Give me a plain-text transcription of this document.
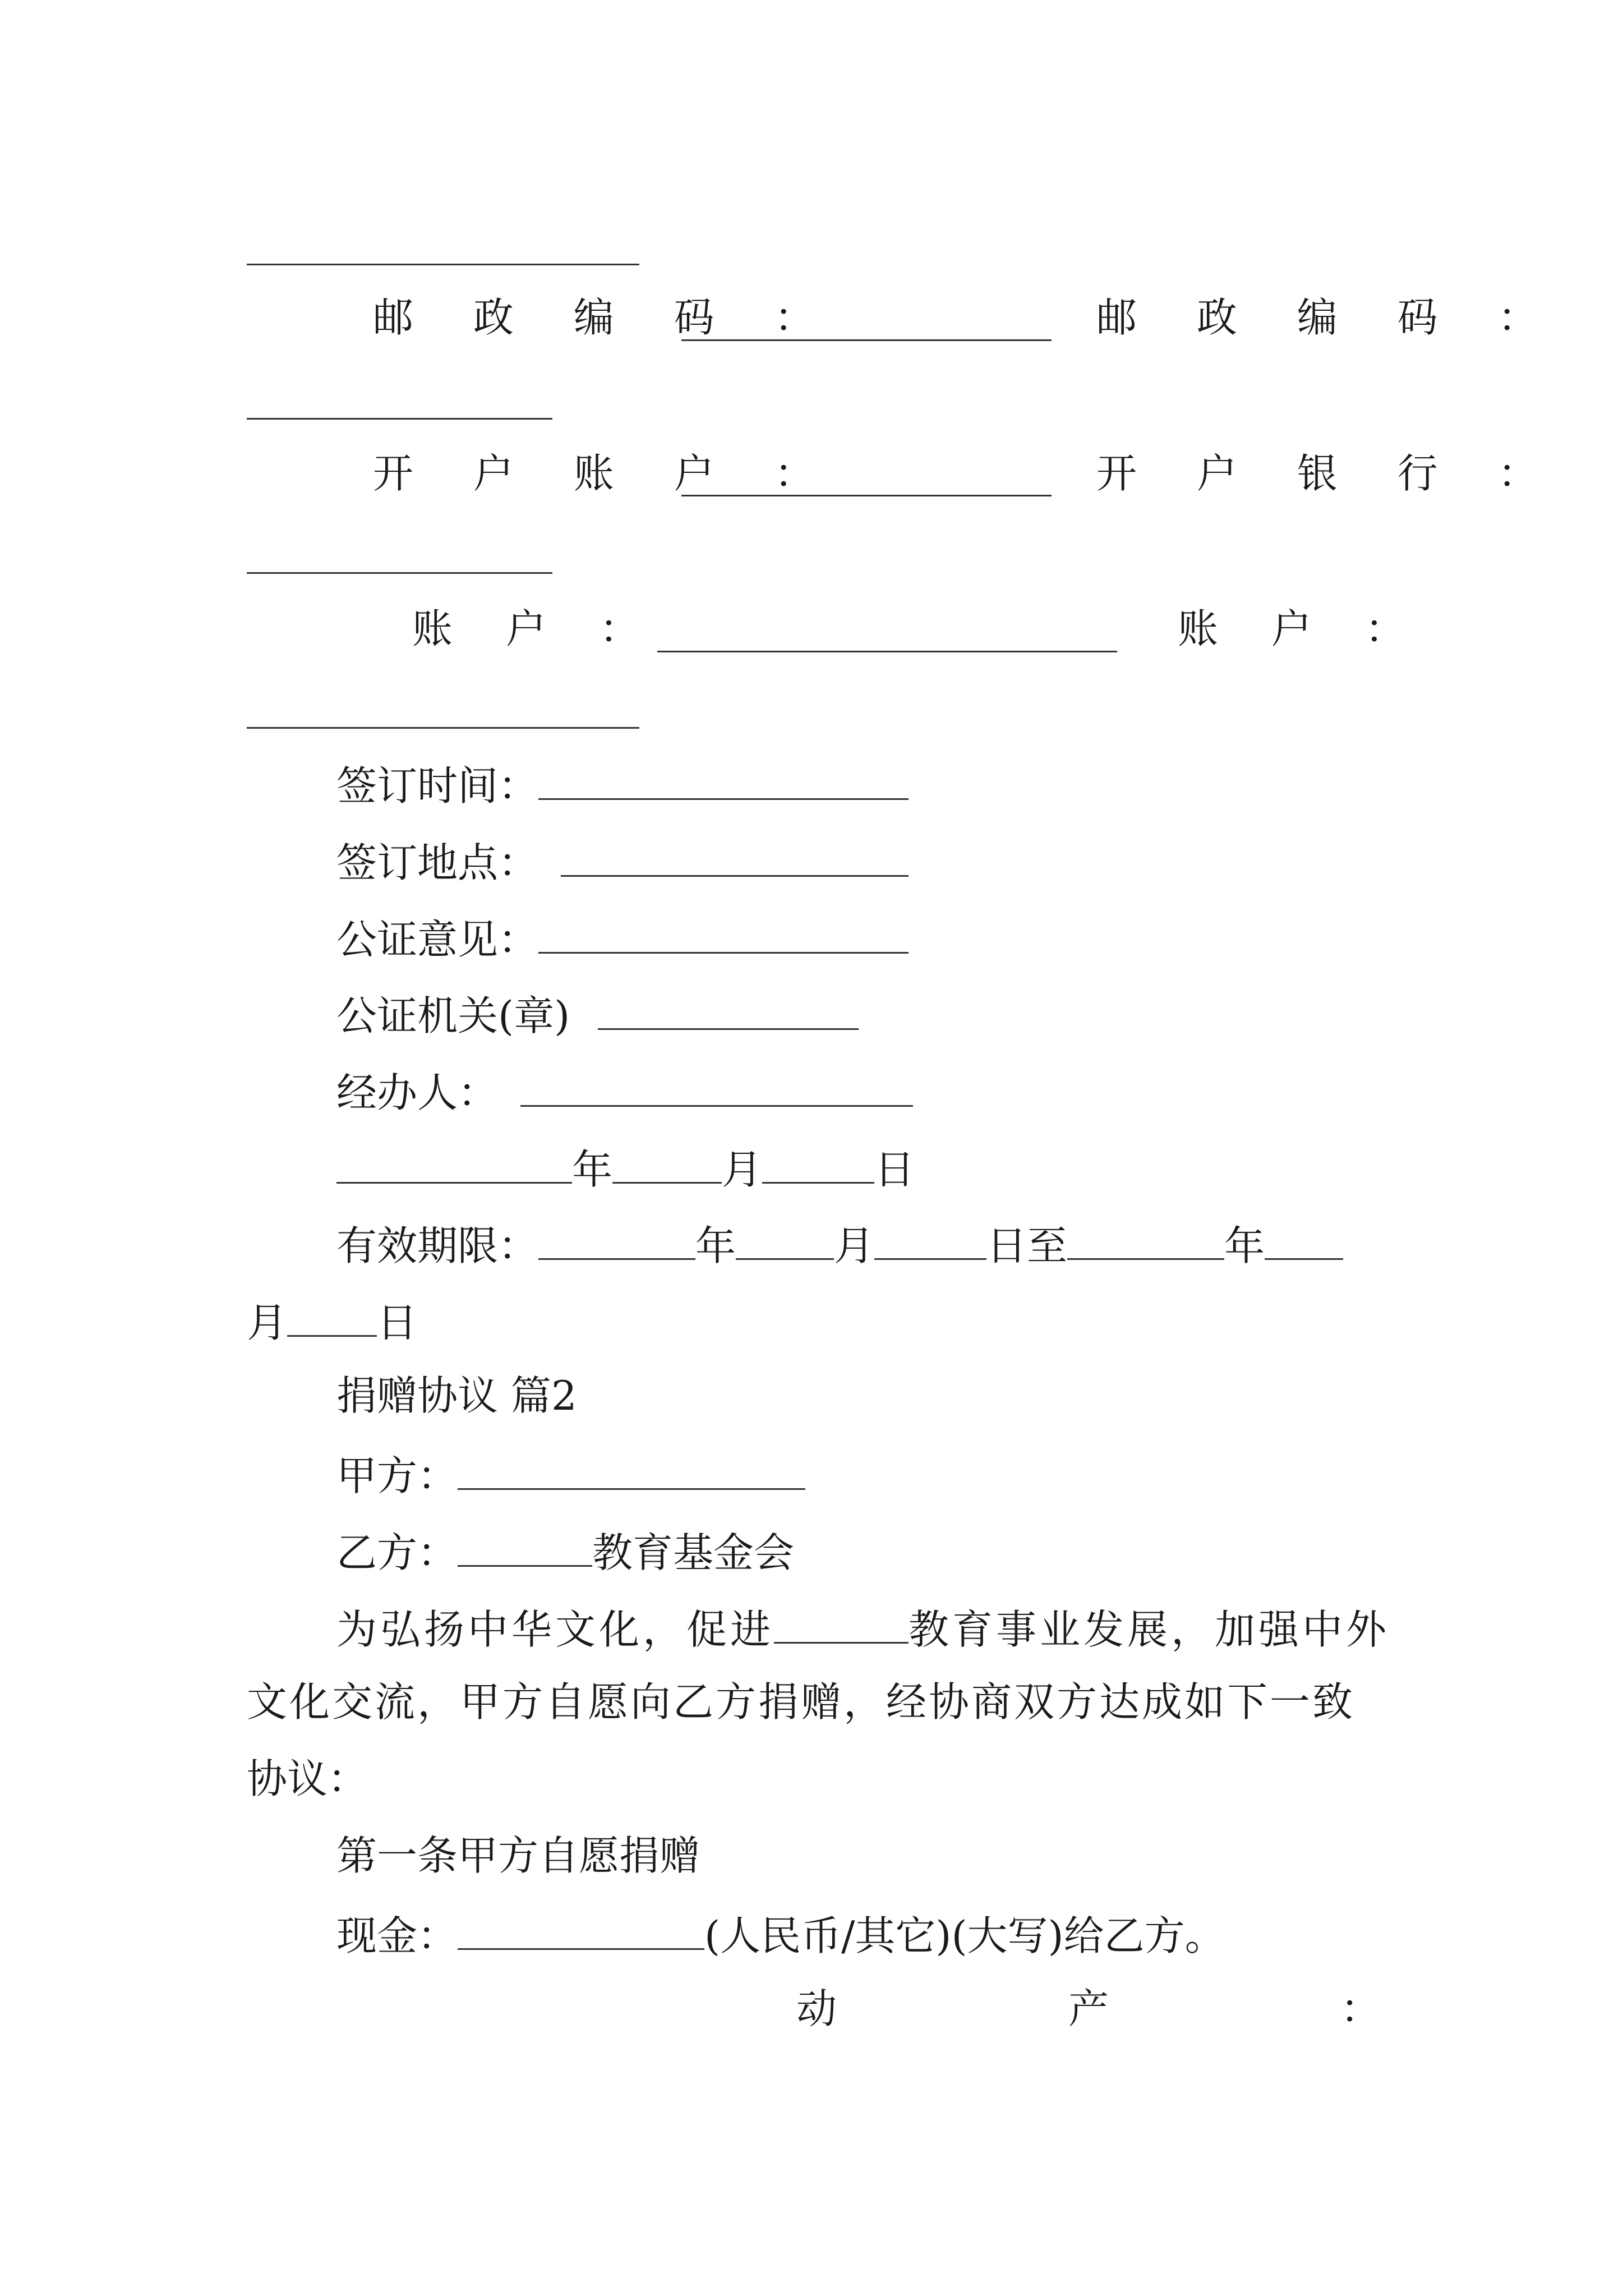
邮 政 编 码 ：	邮 政 编 码 ：
开 户 账 户 ：	开 户 银 行 ：
账 户 ：	账 户 ：
签订时间：
签订地点：
公证意见：
公证机关(章)
经办人：
年	月	日
有效期限：	年 月	日至	年
月 日
捐赠协议 篇2
甲方：
乙方：	教育基金会
为弘扬中华文化，促进	教育事业发展，加强中外
文化交流，甲方自愿向乙方捐赠，经协商双方达成如下一致
协议：
第一条甲方自愿捐赠
现金：	(人民币/其它)(大写)给乙方。
动	产	：
